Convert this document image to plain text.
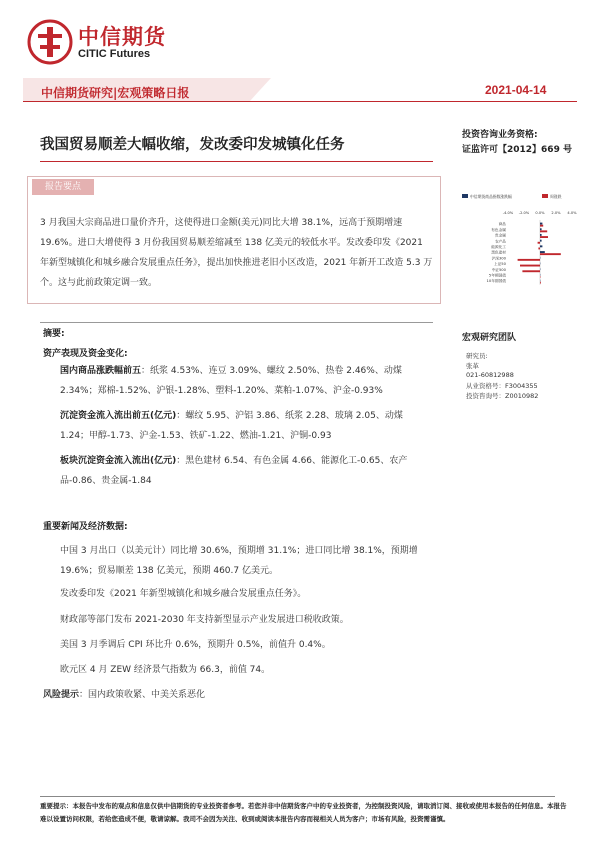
中信期货
CITIC Futures
中信期货研究|宏观策略日报	2021-04-14
我国贸易顺差大幅收缩，发改委印发城镇化任务
投资咨询业务资格:
证监许可【2012】669 号
报告要点
3 月我国大宗商品进口量价齐升，这使得进口金额(美元)同比大增 38.1%，远高于预期增速 19.6%。进口大增使得 3 月份我国贸易顺差缩减至 138 亿美元的较低水平。发改委印发《2021 年新型城镇化和城乡融合发展重点任务》，提出加快推进老旧小区改造，2021 年新开工改造 5.3 万个。这与此前政策定调一致。
中信期货商品指数涨跌幅	周涨跌
-4.0% -2.0% 0.0% 2.0% 4.0%
商品
有色金属
贵金属
农产品
能源化工
黑色建材
沪深300
上证50
中证500
5年期国债
10年期国债
摘要:
资产表现及资金变化:
国内商品涨跌幅前五：纸浆 4.53%、连豆 3.09%、螺纹 2.50%、热卷 2.46%、动煤 2.34%；郑棉-1.52%、沪银-1.28%、塑料-1.20%、菜粕-1.07%、沪金-0.93%
沉淀资金流入流出前五(亿元)：螺纹 5.95、沪铝 3.86、纸浆 2.28、玻璃 2.05、动煤 1.24；甲醇-1.73、沪金-1.53、铁矿-1.22、燃油-1.21、沪铜-0.93
板块沉淀资金流入流出(亿元)：黑色建材 6.54、有色金属 4.66、能源化工-0.65、农产品-0.86、贵金属-1.84
重要新闻及经济数据:
中国 3 月出口（以美元计）同比增 30.6%，预期增 31.1%；进口同比增 38.1%，预期增 19.6%；贸易顺差 138 亿美元，预期 460.7 亿美元。
发改委印发《2021 年新型城镇化和城乡融合发展重点任务》。
财政部等部门发布 2021-2030 年支持新型显示产业发展进口税收政策。
美国 3 月季调后 CPI 环比升 0.6%，预期升 0.5%，前值升 0.4%。
欧元区 4 月 ZEW 经济景气指数为 66.3，前值 74。
风险提示：国内政策收紧、中美关系恶化
宏观研究团队
研究员:
张革
021-60812988
从业资格号：F3004355
投资咨询号：Z0010982
重要提示：本报告中发布的观点和信息仅供中信期货的专业投资者参考。若您并非中信期货客户中的专业投资者，为控制投资风险，请取消订阅、接收或使用本报告的任何信息。本报告难以设置访问权限，若给您造成不便，敬请谅解。我司不会因为关注、收到或阅读本报告内容而视相关人员为客户；市场有风险，投资需谨慎。
